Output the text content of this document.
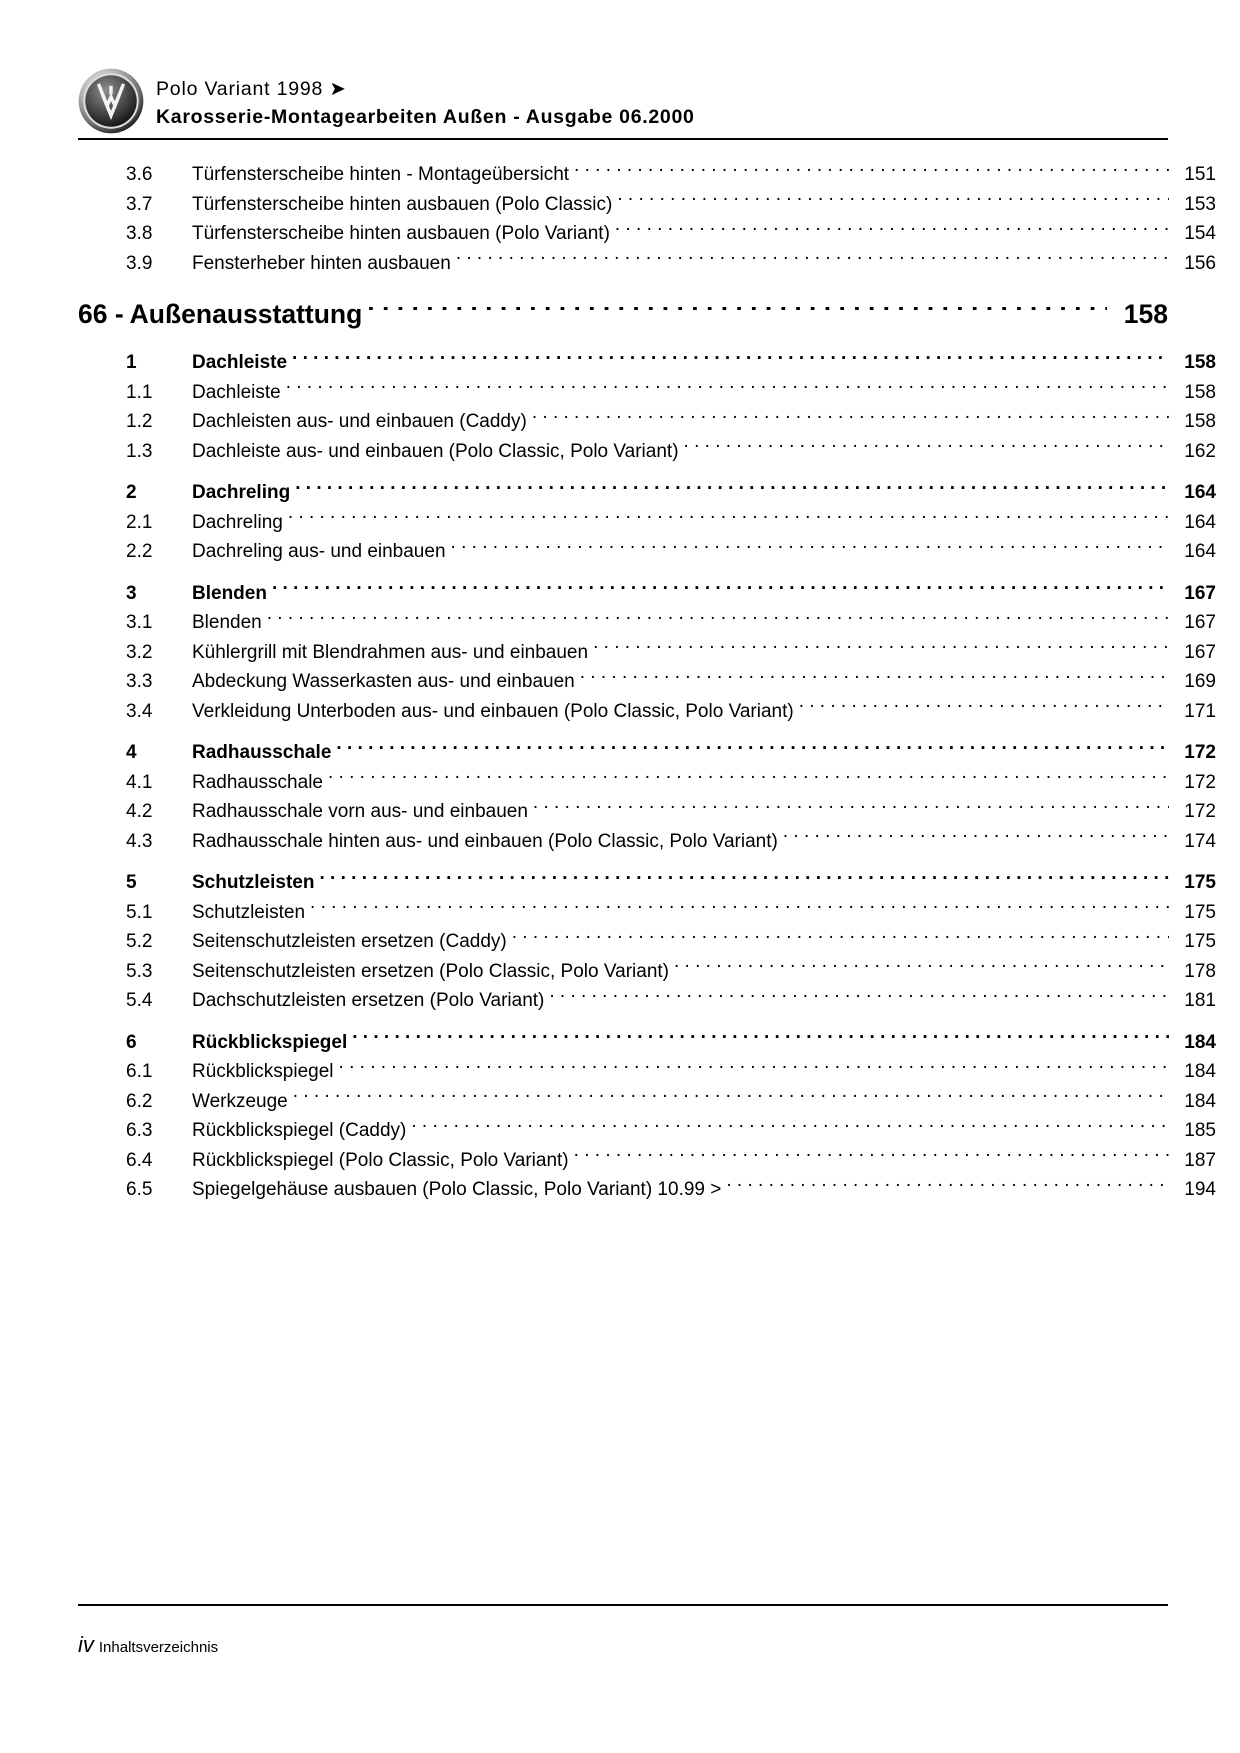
Polo Variant 1998 ➤
Karosserie-Montagearbeiten Außen - Ausgabe 06.2000
3.6	Türfensterscheibe hinten - Montageübersicht . . .	151
3.7	Türfensterscheibe hinten ausbauen (Polo Classic) . . .	153
3.8	Türfensterscheibe hinten ausbauen (Polo Variant) . . .	154
3.9	Fensterheber hinten ausbauen . . .	156
66 - Außenausstattung . . .	158
1	Dachleiste . . .	158
1.1	Dachleiste . . .	158
1.2	Dachleisten aus- und einbauen (Caddy) . . .	158
1.3	Dachleiste aus- und einbauen (Polo Classic, Polo Variant) . . .	162
2	Dachreling . . .	164
2.1	Dachreling . . .	164
2.2	Dachreling aus- und einbauen . . .	164
3	Blenden . . .	167
3.1	Blenden . . .	167
3.2	Kühlergrill mit Blendrahmen aus- und einbauen . . .	167
3.3	Abdeckung Wasserkasten aus- und einbauen . . .	169
3.4	Verkleidung Unterboden aus- und einbauen (Polo Classic, Polo Variant) . . .	171
4	Radhausschale . . .	172
4.1	Radhausschale . . .	172
4.2	Radhausschale vorn aus- und einbauen . . .	172
4.3	Radhausschale hinten aus- und einbauen (Polo Classic, Polo Variant) . . .	174
5	Schutzleisten . . .	175
5.1	Schutzleisten . . .	175
5.2	Seitenschutzleisten ersetzen (Caddy) . . .	175
5.3	Seitenschutzleisten ersetzen (Polo Classic, Polo Variant) . . .	178
5.4	Dachschutzleisten ersetzen (Polo Variant) . . .	181
6	Rückblickspiegel . . .	184
6.1	Rückblickspiegel . . .	184
6.2	Werkzeuge . . .	184
6.3	Rückblickspiegel (Caddy) . . .	185
6.4	Rückblickspiegel (Polo Classic, Polo Variant) . . .	187
6.5	Spiegelgehäuse ausbauen (Polo Classic, Polo Variant) 10.99 > . . .	194
iv Inhaltsverzeichnis
